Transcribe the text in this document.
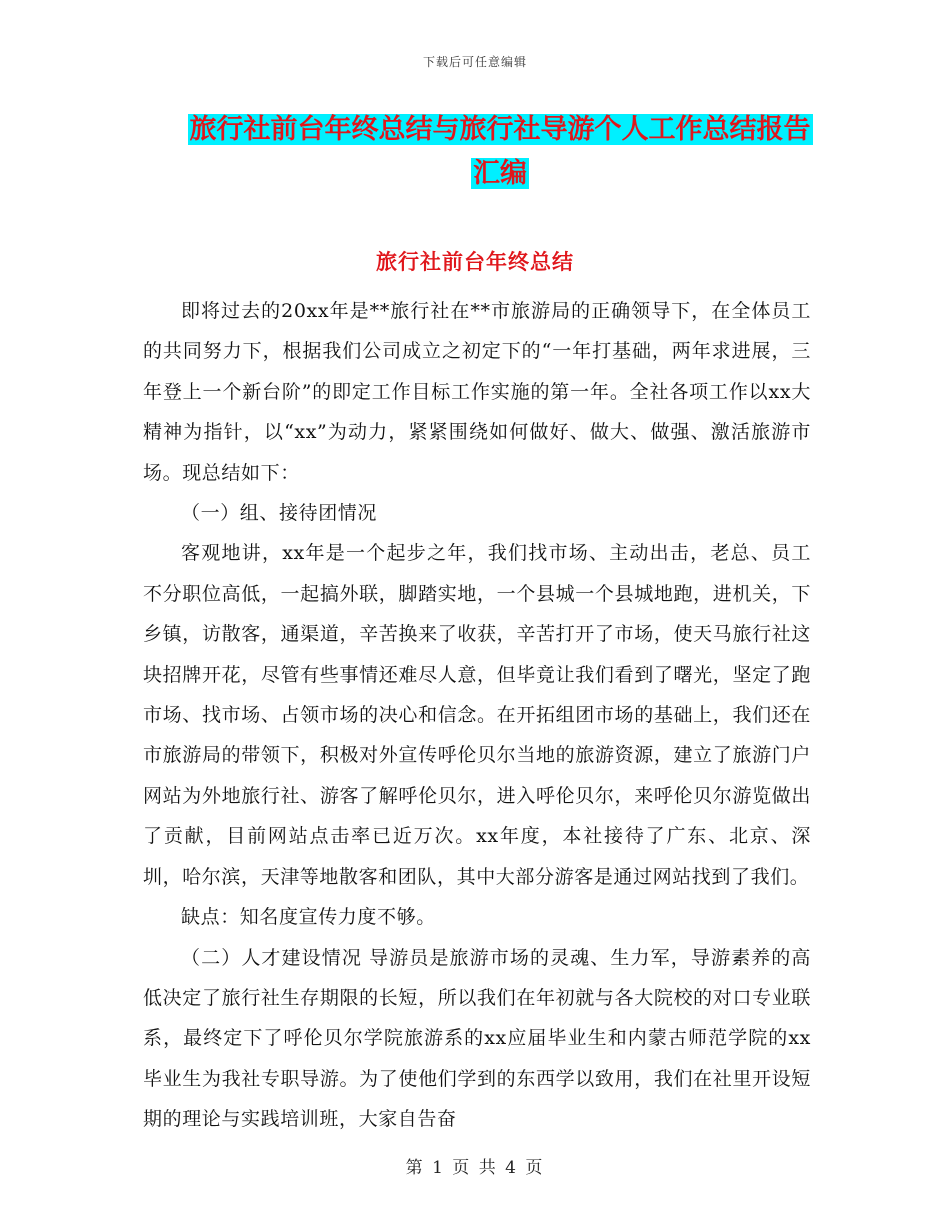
下载后可任意编辑
旅行社前台年终总结与旅行社导游个人工作总结报告
汇编
旅行社前台年终总结

即将过去的20xx年是**旅行社在**市旅游局的正确领导下，在全体员工的共同努力下，根据我们公司成立之初定下的“一年打基础，两年求进展，三年登上一个新台阶”的即定工作目标工作实施的第一年。全社各项工作以xx大精神为指针，以“xx”为动力，紧紧围绕如何做好、做大、做强、激活旅游市场。现总结如下：

（一）组、接待团情况

客观地讲，xx年是一个起步之年，我们找市场、主动出击，老总、员工不分职位高低，一起搞外联，脚踏实地，一个县城一个县城地跑，进机关，下乡镇，访散客，通渠道，辛苦换来了收获，辛苦打开了市场，使天马旅行社这块招牌开花，尽管有些事情还难尽人意，但毕竟让我们看到了曙光，坚定了跑市场、找市场、占领市场的决心和信念。在开拓组团市场的基础上，我们还在市旅游局的带领下，积极对外宣传呼伦贝尔当地的旅游资源，建立了旅游门户网站为外地旅行社、游客了解呼伦贝尔，进入呼伦贝尔，来呼伦贝尔游览做出了贡献，目前网站点击率已近万次。xx年度，本社接待了广东、北京、深圳，哈尔滨，天津等地散客和团队，其中大部分游客是通过网站找到了我们。

缺点：知名度宣传力度不够。

（二）人才建设情况 导游员是旅游市场的灵魂、生力军，导游素养的高低决定了旅行社生存期限的长短，所以我们在年初就与各大院校的对口专业联系，最终定下了呼伦贝尔学院旅游系的xx应届毕业生和内蒙古师范学院的xx毕业生为我社专职导游。为了使他们学到的东西学以致用，我们在社里开设短期的理论与实践培训班，大家自告奋

第 1 页 共 4 页
